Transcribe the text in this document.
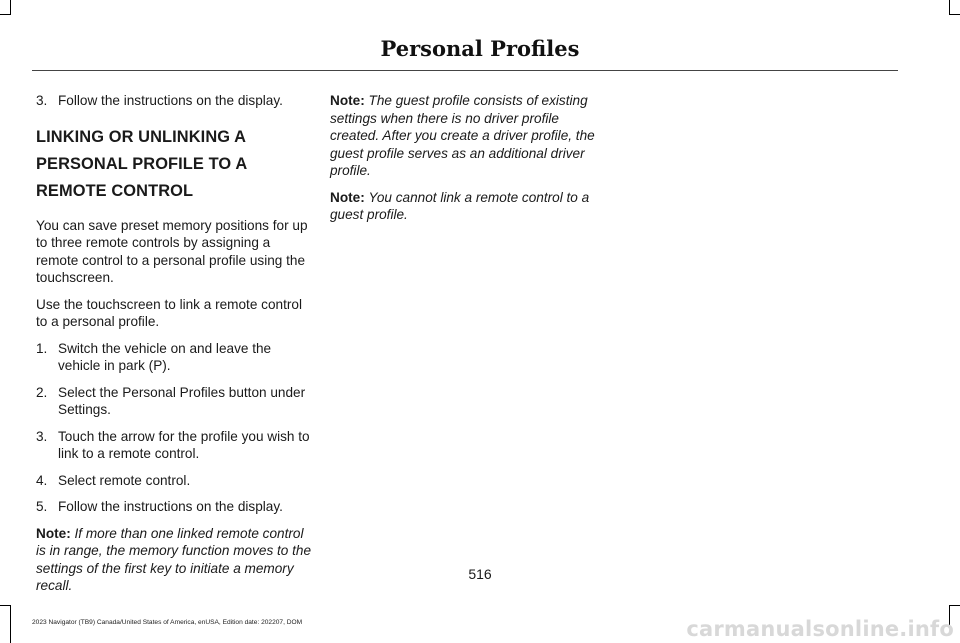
Personal Profiles
3. Follow the instructions on the display.
LINKING OR UNLINKING A PERSONAL PROFILE TO A REMOTE CONTROL

You can save preset memory positions for up to three remote controls by assigning a remote control to a personal profile using the touchscreen.

Use the touchscreen to link a remote control to a personal profile.

1. Switch the vehicle on and leave the vehicle in park (P).
2. Select the Personal Profiles button under Settings.
3. Touch the arrow for the profile you wish to link to a remote control.
4. Select remote control.
5. Follow the instructions on the display.

Note: If more than one linked remote control is in range, the memory function moves to the settings of the first key to initiate a memory recall.

Note: The guest profile consists of existing settings when there is no driver profile created. After you create a driver profile, the guest profile serves as an additional driver profile.

Note: You cannot link a remote control to a guest profile.

516
2023 Navigator (TB9) Canada/United States of America, enUSA, Edition date: 202207, DOM	carmanualsonline.info
